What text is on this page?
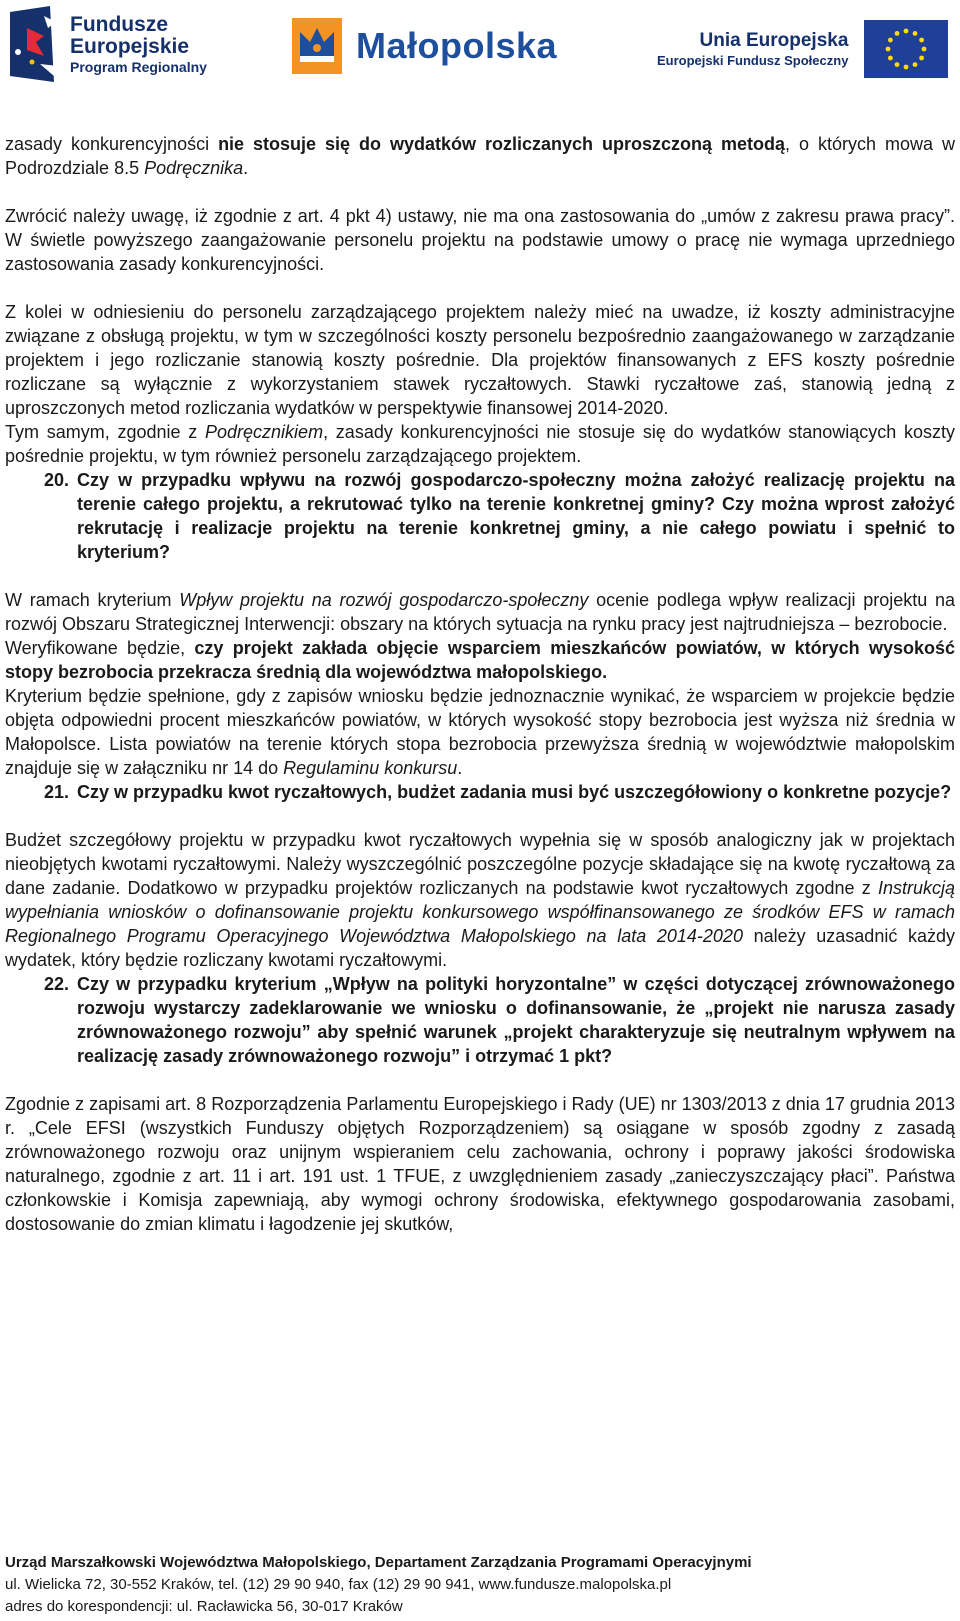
Fundusze
Europejskie
Program Regionalny
Małopolska	Unia Europejska
Europejski Fundusz Społeczny

zasady konkurencyjności nie stosuje się do wydatków rozliczanych uproszczoną metodą, o których mowa w Podrozdziale 8.5 Podręcznika.

Zwrócić należy uwagę, iż zgodnie z art. 4 pkt 4) ustawy, nie ma ona zastosowania do „umów z zakresu prawa pracy”. W świetle powyższego zaangażowanie personelu projektu na podstawie umowy o pracę nie wymaga uprzedniego zastosowania zasady konkurencyjności.

Z kolei w odniesieniu do personelu zarządzającego projektem należy mieć na uwadze, iż koszty administracyjne związane z obsługą projektu, w tym w szczególności koszty personelu bezpośrednio zaangażowanego w zarządzanie projektem i jego rozliczanie stanowią koszty pośrednie. Dla projektów finansowanych z EFS koszty pośrednie rozliczane są wyłącznie z wykorzystaniem stawek ryczałtowych. Stawki ryczałtowe zaś, stanowią jedną z uproszczonych metod rozliczania wydatków w perspektywie finansowej 2014-2020.

Tym samym, zgodnie z Podręcznikiem, zasady konkurencyjności nie stosuje się do wydatków stanowiących koszty pośrednie projektu, w tym również personelu zarządzającego projektem.

20. Czy w przypadku wpływu na rozwój gospodarczo-społeczny można założyć realizację projektu na terenie całego projektu, a rekrutować tylko na terenie konkretnej gminy? Czy można wprost założyć rekrutację i realizacje projektu na terenie konkretnej gminy, a nie całego powiatu i spełnić to kryterium?

W ramach kryterium Wpływ projektu na rozwój gospodarczo-społeczny ocenie podlega wpływ realizacji projektu na rozwój Obszaru Strategicznej Interwencji: obszary na których sytuacja na rynku pracy jest najtrudniejsza – bezrobocie.

Weryfikowane będzie, czy projekt zakłada objęcie wsparciem mieszkańców powiatów, w których wysokość stopy bezrobocia przekracza średnią dla województwa małopolskiego.

Kryterium będzie spełnione, gdy z zapisów wniosku będzie jednoznacznie wynikać, że wsparciem w projekcie będzie objęta odpowiedni procent mieszkańców powiatów, w których wysokość stopy bezrobocia jest wyższa niż średnia w Małopolsce. Lista powiatów na terenie których stopa bezrobocia przewyższa średnią w województwie małopolskim znajduje się w załączniku nr 14 do Regulaminu konkursu.

21. Czy w przypadku kwot ryczałtowych, budżet zadania musi być uszczegółowiony o konkretne pozycje?

Budżet szczegółowy projektu w przypadku kwot ryczałtowych wypełnia się w sposób analogiczny jak w projektach nieobjętych kwotami ryczałtowymi. Należy wyszczególnić poszczególne pozycje składające się na kwotę ryczałtową za dane zadanie. Dodatkowo w przypadku projektów rozliczanych na podstawie kwot ryczałtowych zgodne z Instrukcją wypełniania wniosków o dofinansowanie projektu konkursowego współfinansowanego ze środków EFS w ramach Regionalnego Programu Operacyjnego Województwa Małopolskiego na lata 2014-2020 należy uzasadnić każdy wydatek, który będzie rozliczany kwotami ryczałtowymi.

22. Czy w przypadku kryterium „Wpływ na polityki horyzontalne” w części dotyczącej zrównoważonego rozwoju wystarczy zadeklarowanie we wniosku o dofinansowanie, że „projekt nie narusza zasady zrównoważonego rozwoju” aby spełnić warunek „projekt charakteryzuje się neutralnym wpływem na realizację zasady zrównoważonego rozwoju” i otrzymać 1 pkt?

Zgodnie z zapisami art. 8 Rozporządzenia Parlamentu Europejskiego i Rady (UE) nr 1303/2013 z dnia 17 grudnia 2013 r. „Cele EFSI (wszystkich Funduszy objętych Rozporządzeniem) są osiągane w sposób zgodny z zasadą zrównoważonego rozwoju oraz unijnym wspieraniem celu zachowania, ochrony i poprawy jakości środowiska naturalnego, zgodnie z art. 11 i art. 191 ust. 1 TFUE, z uwzględnieniem zasady „zanieczyszczający płaci”. Państwa członkowskie i Komisja zapewniają, aby wymogi ochrony środowiska, efektywnego gospodarowania zasobami, dostosowanie do zmian klimatu i łagodzenie jej skutków,

Urząd Marszałkowski Województwa Małopolskiego, Departament Zarządzania Programami Operacyjnymi
ul. Wielicka 72, 30-552 Kraków, tel. (12) 29 90 940, fax (12) 29 90 941, www.fundusze.malopolska.pl
adres do korespondencji: ul. Racławicka 56, 30-017 Kraków
